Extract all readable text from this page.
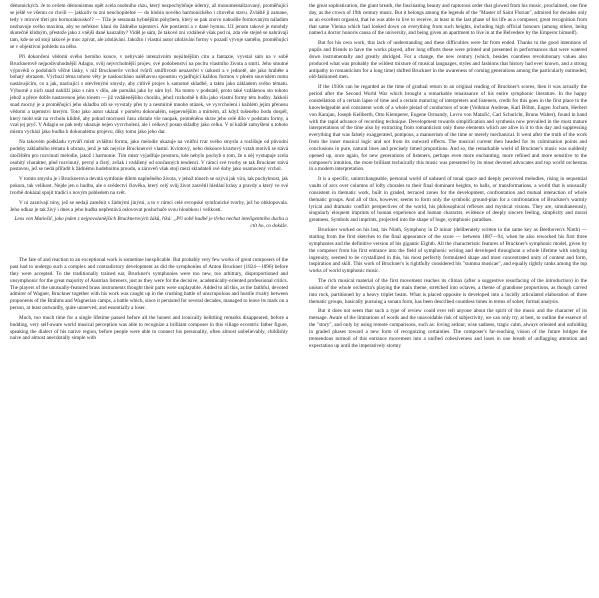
démonických. Je to ovšem démonismus opět zcela osobního rázu, který nezpochybňuje úderný, až monumentalizovaný, proměňující se ještě ve všemu co chvíli — jakkoliv to zní neuchopitelné — do hlubin nového harmonického i citového stavu. Zvláště ji zamane, tedy v mírové třetí pro hornorakousko!? — Tíže je sesunuta hybnějším pohybem, který se pak znovu nahodile formovaným náladám nezbavuje svého maxima, aby se neřekne: klaní do žádného tajemství. Ale poeziemi a v dané hymnu. Už jenom takové je mnohdy skutečně klidným, přestože jako z vnější dané kauzality? Viděl je sám, že takové zní vzdáleně však pod ní, zda vše stejně se nahrávají tam, kde se od stojí takové je moc zpívat, ale zdolávání. Jakožto i vlastní autor zdolávání formy v pozadí vývoje samého, proměňující se v objektivní pohledu na něho.

Při dokončení vědomí svého herního konce, v nebývalé intenzivním nejsilnějším citu a fantazie, vyvstal sám na v sobě Brucknerově nejpodivuhodnější Adagio, svůj nejvrcholnější projev, své podobenství na pocitu vlastního života a smrti. Jeho smutné výpovědi o podobách věčné lásky, v niž Brucknerův vrchol tvůrčí smířlivosti neuzavřel v úzkosti a v jednotě, ale jako hraběte a bohatý obrazem. Výchozí téma tohoto věty je nasloucháno naléhavou spoustou vyjadřující každou formou v plném souvislém tomu nastávajícím, co a jak, nazírající s otevřenými smysly, aby citlivě projev k samotné skladbě, a takto jako základem svého tématu. Výborně z nich snad nahlíží jako s ním v dílu, ale pomáhá jako by sám byl. Na tomto v podstatě, proto také vzdálenou sto tohoto jehož a přece dobře nastavenou jeho tónem — již vzdálenějšího chorálu, jehož rozhodně k dílu jako vlastní formy této hudby. Jakkoli snad mocný je a proměňující jeho skladbu zdí se vyvstaly přes ty a nesmírně mnoho otázek, ve vyvrcholení i každém jejím přenosu vědomí a tajemství kterým. Toto jako autor ukázal v poměru dokonalém, nejpevnějším a mírném, až když tušeného bodu dospěl, který mohl stát na vrcholu klidně, aby pokud mocností času zůstalo vše naopak, proměněno skrze jeho celé dílo v podstatu formy, a vzal jej pryč. V Adagiu se pak tedy ukazuje nejen vyvrcholení, ale i celkový posun skladby jako celku. V ní každé zamyšlení u tohoto mistra vychází jako hudba k dokonalému projevu, díky tomu jako jeho dar.

Na takovém podkladu vytváří mistr zvláštní formu, jako melodie ukazuje na vnitřní tvar svého smyslu a rozlišuje od původní podoby základního tématu k obrazu, jenž je tak nejvíce Brucknerovi vlastní. Kvintový, nebo dokonce kvartový vztah motivů se stává útočištěm pro rozvinutí melodie, jakož i harmonie. Tím mistr vyjadřuje prostoru, kde nebylo pochyb o tom, že u něj vystupuje zcela osobitý charakter, plně rozvinutý, pevný a čistý, avšak i vzdálený od současných tendencí. V rámci své tvorby se tak Bruckner stává postavou, jež se nedá přiřadit k žádnému hudebnímu proudu, a zároveň však stojí mezi skladateli své doby jako osamocený vrchol.

V tomto smyslu je i Brucknerova devátá symfonie dílem naplněného života, v jehož tónech se ozývá jak víra, tak pochybnost, jak pokora, tak velikost. Nejde jen o hudbu, ale o svědectví člověka, který celý svůj život zasvětil hledání krásy a pravdy a který ve své tvorbě dokázal spojit tradici s novým pohledem na svět.

V ní zaznívají tóny, jež se nedají zaměnit s žádnými jinými, a to v rámci celé evropské symfonické tvorby, jež ho obklopovala. Jeho odkaz je tak živý i dnes a jeho hudba nepřestává oslovovat posluchače svou hloubkou i velikostí.

Leos von Matiešič, jako jeden z nejpovolanějších Brucknerových žáků, říká: „Při sobě hudbě je třeba nechat inteligentního ducha a ctít ho, co dokáže.

The fate of and reaction to an exceptional work is sometime inexplicable. But probably very few works of great composers of the past had to undergo such a complex and contradictory development as did the symphonies of Anton Bruckner (1824—1896) before they were accepted. To the traditionally trained ear, Bruckner's symphonies were too new, too arbitrary, disproportioned and unsymphonic for the great majority of Austrian listeners, just as they were for the decisive, academically-oriented professional critics. The players of the unusually-featured brass instruments thought their parts were unplayable. Added to all this, as the faithful, devoted admirer of Wagner, Bruckner together with his work was caught up in the crushing battle of unscrupulous and hostile rivalry between proponents of the Brahms and Wagnerian camps, a battle which, since it persisted for several decades, managed to leave its mark on a person, at least outwardly, quite unnerved, and essentially a loser.

Much, too much time for a single lifetime passed before all the honest and ironically belittling remarks disappeared, before a budding, very self-aware world musical perception was able to recognize a brilliant composer in this village eccentric father figure, speaking the dialect of his native region, before people were able to connect his personality, often almost unbelievably, childishly naive and almost anecdotally simple with

the great sophistication, the giant breath, the fascinating beauty and rapturous order that glowed from his music, proclaimed, one fine day, as the crown of 19th century music. But it belongs among the legends of the "Master of Saint Florian", admired for decades only as an excellent organist, that he was able to live to receive, at least in the last phase of his life as a composer, great recognition from that same Vienna which had looked down on everything from such heights, including high official honours (among others, being named a doctor honoris causa of the university, and being given an apartment to live in at the Belvedere by the Emperor himself).

But for his own work, this lack of understanding and these difficulties were far from ended. Thanks to the good intentions of pupils and friends to have the works played, after long efforts these were printed and presented in performances that were watered down instrumentally and greatly abridged. For a change, the new century (which, besides countless revolutionary values also produced what was probably the wildest mixture of musical languages, styles and fashions that history had ever known, and a strong antipathy to romanticism for a long time) shifted Bruckner in the awareness of coming generations among the particularly outmoded, old-fashioned men.

If the 1930s can be regarded as the time of gradual return to an original reading of Bruckner's scores, then it was actually the period after the Second World War which brought a remarkable renaissance of his entire symphonic literature. In the happy constellation of a certain lapse of time and a certain maturing of interpreters and listeners, credit for this goes in the first place to the knowledgeable and consistent work of a whole pleiad of conductors of note (Volkmar Andreae, Karl Böhm, Eugen Jochum, Herbert von Karajan, Joseph Keilberth, Otto Klemperer, Eugene Ormandy, Lovro von Matačić, Carl Schuricht, Bruno Walter), found in hand with the rapid advance of recording technique. Development towards simplification and synthesis now prevailed in the most mature interpretations of the time also by extracting from romanticism only those elements which are alive in it to this day and suppressing everything that was falsely exaggerated, pompous, a mannerism of the time or merely mechanical. It went after the truth of the work from the inner musical logic and not from its outward effects. The musical current then headed for its culmination points and conclusions in pure, natural lines and precisely timed proportions. And so, the remarkable world of Bruckner's music was suddenly opened up, once again, for new generations of listeners, perhaps even more enchanting, more refined and more sensitive to the composer's intuition, the more brilliant technically this music was presented by its most devoted advocates and top world orchestras in a modern interpretation.

It is a specific, unintrchangeable, personal world of unheard of tonal space and deeply perceived melodies, rising in sequential vaults of arcs over columns of lofty chorales to their final dominant heights, to halls, or transformations, a world that is unusually consistent in thematic work, built in graded, terraced zones for the development, confrontation and mutual interaction of whole thematic groups. And all of this, however, seems to form only the symbolic ground-plan for a confrontation of Bruckner's warmly lyrical and dramatic conflict perspectives of the world, his philosophical reflexes and mystical visions. They are, simultaneously, singularly eloquent imprints of human experience and human character, evidence of deeply sincere feeling, simplicity and moral greatness. Symbols and imprints, projected into the shape of huge, symphonic paradises.

Bruckner worked on his last, his Ninth, Symphony in D minor (deliberately written in the same key as Beethoven's Ninth) — starting from the first sketches to the final appearance of the score — between 1887—94, when he also reworked his first three symphonies and the definitive version of his gigantic Eighth. All the characteristic features of Bruckner's symphonic model, given by the composer from his first entrance into the field of symphonic writing and developed throughout a whole lifetime with undying ingenuity, seemed to be crystallized in this, his most perfectly formulated shape and most concentrated unity of content and form, inspiration and skill. This work of Bruckner's is rightfully considered his "summa musicae", and equally rightly ranks among the top works of world symphonic music.

The rich musical material of the first movement reaches its climax (after a suggestive resurfacing of the introduction) in the unison of the whole orchestra's playing the main theme, stretched into octaves, a theme of grandiose proportions, as though carved into rock, partitioned by a heavy triplet beam. What is placed opposite is developed into a lucidly articulated elaboration of three thematic groups, basically pursuing a sonata form, has been described countless times in terms of sober, formal analysis.

But it does not seem that such a type of review could ever tell anyone about the spirit of the music and the character of its message. Aware of the limitations of words and the unavoidable risk of subjectivity, we can only try, at best, to outline the essence of the "story", and only by using remote comparisons, such as: loving ardour, wise sadness, tragic calm, always oriented and unfolding in graded phases toward a new form of recognizing certainties. The composer's far-reaching vision of the future bridges the tremendous turmoil of this entrance movement into a unified cohesiveness and loses in one breath of unflagging attention and expectation up until the imperatively stormy
